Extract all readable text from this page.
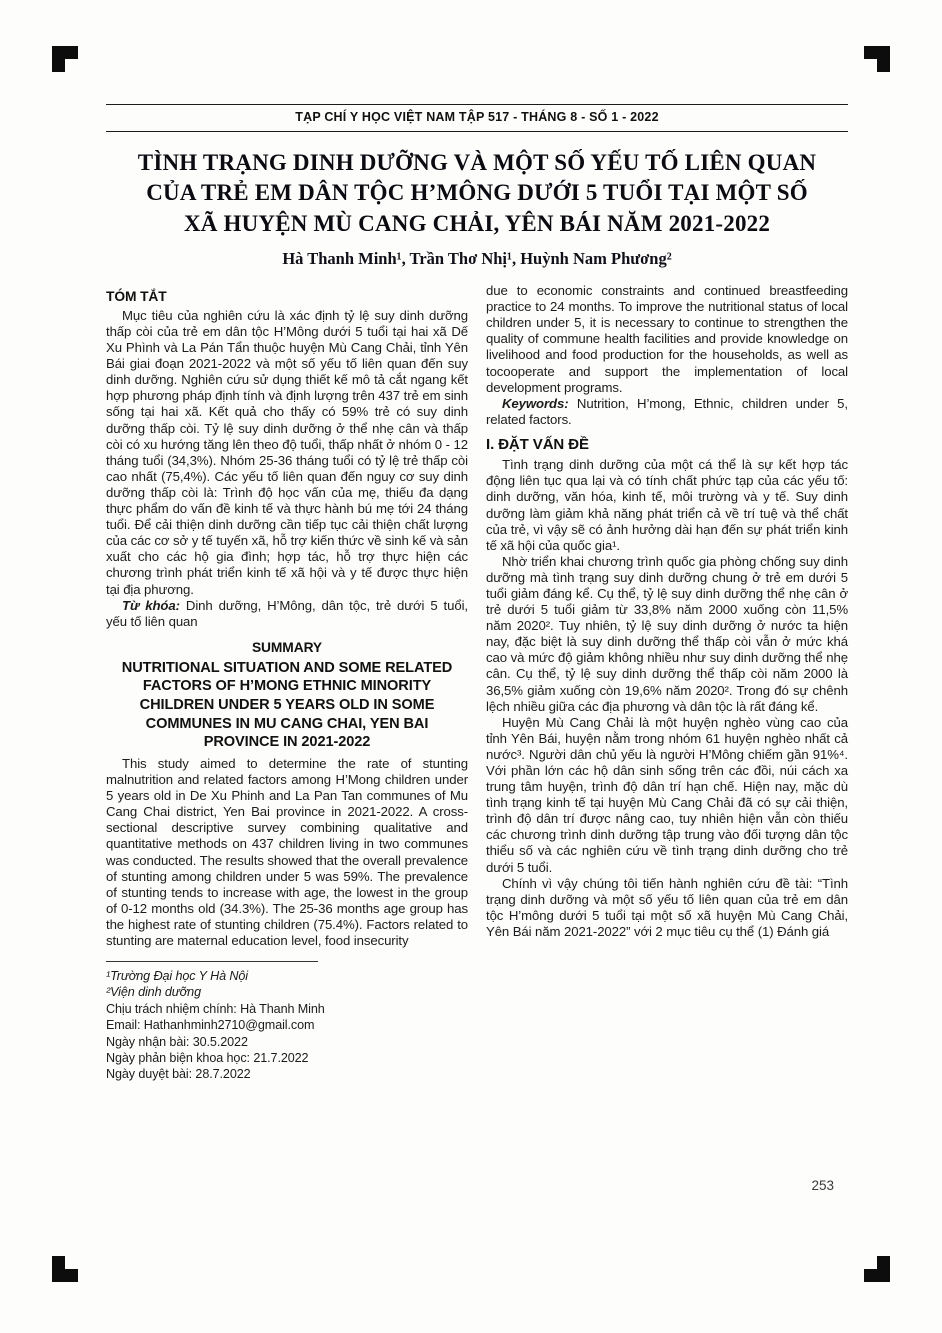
TẠP CHÍ Y HỌC VIỆT NAM TẬP 517 - THÁNG 8 - SỐ 1 - 2022
TÌNH TRẠNG DINH DƯỠNG VÀ MỘT SỐ YẾU TỐ LIÊN QUAN
CỦA TRẺ EM DÂN TỘC H’MÔNG DƯỚI 5 TUỔI TẠI MỘT SỐ
XÃ HUYỆN MÙ CANG CHẢI, YÊN BÁI NĂM 2021-2022
Hà Thanh Minh¹, Trần Thơ Nhị¹, Huỳnh Nam Phương²
TÓM TẮT

Mục tiêu của nghiên cứu là xác định tỷ lệ suy dinh dưỡng thấp còi của trẻ em dân tộc H’Mông dưới 5 tuổi tại hai xã Dế Xu Phình và La Pán Tẩn thuộc huyện Mù Cang Chải, tỉnh Yên Bái giai đoạn 2021-2022 và một số yếu tố liên quan đến suy dinh dưỡng. Nghiên cứu sử dụng thiết kế mô tả cắt ngang kết hợp phương pháp định tính và định lượng trên 437 trẻ em sinh sống tại hai xã. Kết quả cho thấy có 59% trẻ có suy dinh dưỡng thấp còi. Tỷ lệ suy dinh dưỡng ở thể nhẹ cân và thấp còi có xu hướng tăng lên theo độ tuổi, thấp nhất ở nhóm 0 - 12 tháng tuổi (34,3%). Nhóm 25-36 tháng tuổi có tỷ lệ trẻ thấp còi cao nhất (75,4%). Các yếu tố liên quan đến nguy cơ suy dinh dưỡng thấp còi là: Trình độ học vấn của mẹ, thiếu đa dạng thực phẩm do vấn đề kinh tế và thực hành bú mẹ tới 24 tháng tuổi. Để cải thiện dinh dưỡng cần tiếp tục cải thiện chất lượng của các cơ sở y tế tuyến xã, hỗ trợ kiến thức về sinh kế và sản xuất cho các hộ gia đình; hợp tác, hỗ trợ thực hiện các chương trình phát triển kinh tế xã hội và y tế được thực hiện tại địa phương.

Từ khóa: Dinh dưỡng, H’Mông, dân tộc, trẻ dưới 5 tuổi, yếu tố liên quan

SUMMARY
NUTRITIONAL SITUATION AND SOME RELATED FACTORS OF H’MONG ETHNIC MINORITY CHILDREN UNDER 5 YEARS OLD IN SOME COMMUNES IN MU CANG CHAI, YEN BAI PROVINCE IN 2021-2022

This study aimed to determine the rate of stunting malnutrition and related factors among H’Mong children under 5 years old in De Xu Phinh and La Pan Tan communes of Mu Cang Chai district, Yen Bai province in 2021-2022. A cross-sectional descriptive survey combining qualitative and quantitative methods on 437 children living in two communes was conducted. The results showed that the overall prevalence of stunting among children under 5 was 59%. The prevalence of stunting tends to increase with age, the lowest in the group of 0-12 months old (34.3%). The 25-36 months age group has the highest rate of stunting children (75.4%). Factors related to stunting are maternal education level, food insecurity

¹Trường Đại học Y Hà Nội

²Viện dinh dưỡng

Chịu trách nhiệm chính: Hà Thanh Minh

Email: Hathanhminh2710@gmail.com

Ngày nhận bài: 30.5.2022

Ngày phản biện khoa học: 21.7.2022

Ngày duyệt bài: 28.7.2022

due to economic constraints and continued breastfeeding practice to 24 months. To improve the nutritional status of local children under 5, it is necessary to continue to strengthen the quality of commune health facilities and provide knowledge on livelihood and food production for the households, as well as tocooperate and support the implementation of local development programs.

Keywords: Nutrition, H’mong, Ethnic, children under 5, related factors.

I. ĐẶT VẤN ĐỀ

Tình trạng dinh dưỡng của một cá thể là sự kết hợp tác động liên tục qua lại và có tính chất phức tạp của các yếu tố: dinh dưỡng, văn hóa, kinh tế, môi trường và y tế. Suy dinh dưỡng làm giảm khả năng phát triển cả về trí tuệ và thể chất của trẻ, vì vậy sẽ có ảnh hưởng dài hạn đến sự phát triển kinh tế xã hội của quốc gia¹.

Nhờ triển khai chương trình quốc gia phòng chống suy dinh dưỡng mà tình trạng suy dinh dưỡng chung ở trẻ em dưới 5 tuổi giảm đáng kể. Cụ thể, tỷ lệ suy dinh dưỡng thể nhẹ cân ở trẻ dưới 5 tuổi giảm từ 33,8% năm 2000 xuống còn 11,5% năm 2020². Tuy nhiên, tỷ lệ suy dinh dưỡng ở nước ta hiện nay, đặc biệt là suy dinh dưỡng thể thấp còi vẫn ở mức khá cao và mức độ giảm không nhiều như suy dinh dưỡng thể nhẹ cân. Cụ thể, tỷ lệ suy dinh dưỡng thể thấp còi năm 2000 là 36,5% giảm xuống còn 19,6% năm 2020². Trong đó sự chênh lệch nhiều giữa các địa phương và dân tộc là rất đáng kể.

Huyện Mù Cang Chải là một huyện nghèo vùng cao của tỉnh Yên Bái, huyện nằm trong nhóm 61 huyện nghèo nhất cả nước³. Người dân chủ yếu là người H’Mông chiếm gần 91%⁴. Với phần lớn các hộ dân sinh sống trên các đồi, núi cách xa trung tâm huyện, trình độ dân trí hạn chế. Hiện nay, mặc dù tình trạng kinh tế tại huyện Mù Cang Chải đã có sự cải thiện, trình độ dân trí được nâng cao, tuy nhiên hiện vẫn còn thiếu các chương trình dinh dưỡng tập trung vào đối tượng dân tộc thiểu số và các nghiên cứu về tình trạng dinh dưỡng cho trẻ dưới 5 tuổi.

Chính vì vậy chúng tôi tiến hành nghiên cứu đề tài: “Tình trạng dinh dưỡng và một số yếu tố liên quan của trẻ em dân tộc H’mông dưới 5 tuổi tại một số xã huyện Mù Cang Chải, Yên Bái năm 2021-2022” với 2 mục tiêu cụ thể (1) Đánh giá

253
